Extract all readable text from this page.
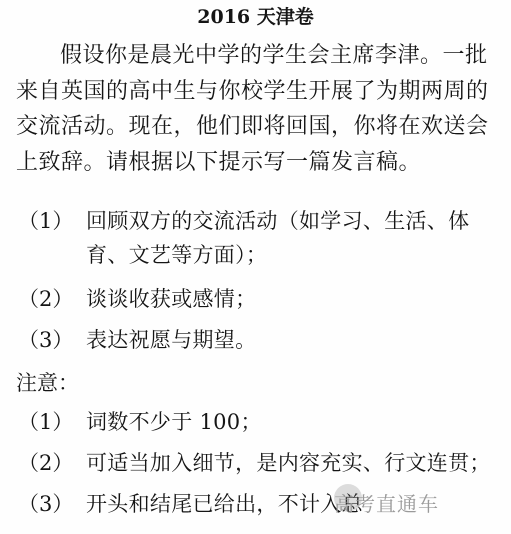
2016 天津卷
假设你是晨光中学的学生会主席李津。一批来自英国的高中生与你校学生开展了为期两周的交流活动。现在，他们即将回国，你将在欢送会上致辞。请根据以下提示写一篇发言稿。
（1） 回顾双方的交流活动（如学习、生活、体育、文艺等方面）；
（2） 谈谈收获或感情；
（3） 表达祝愿与期望。
注意：
（1） 词数不少于 100；
（2） 可适当加入细节，是内容充实、行文连贯；
（3） 开头和结尾已给出，不计入总
高考直通车
